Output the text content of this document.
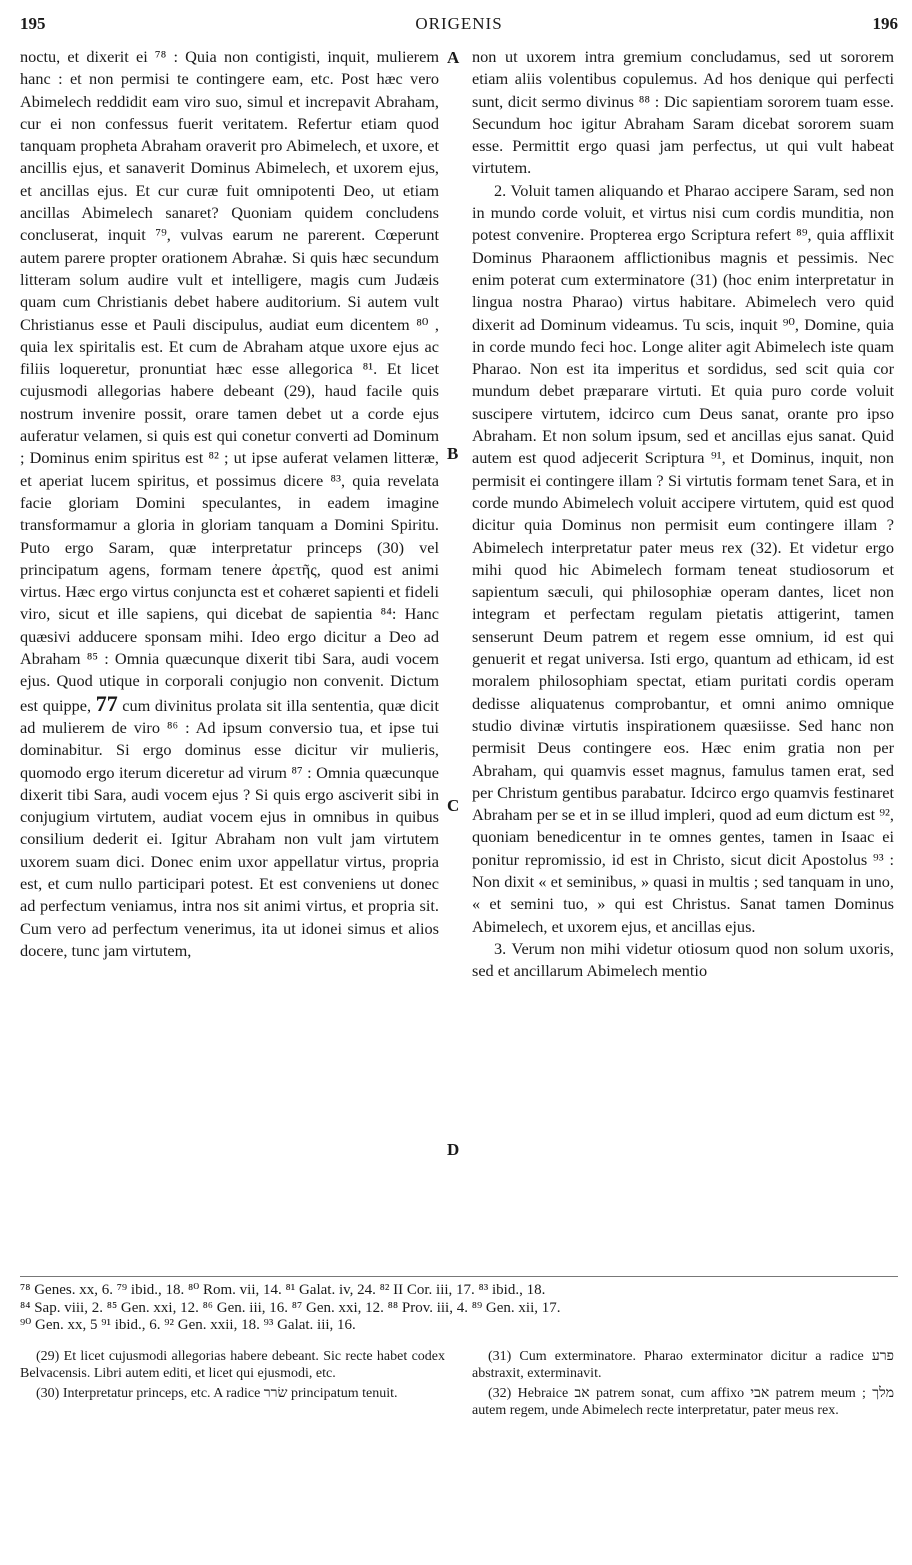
195	ORIGENIS	196

noctu, et dixerit ei ⁷⁸ : Quia non contigisti, inquit, mulierem hanc : et non permisi te contingere eam, etc. Post hæc vero Abimelech reddidit eam viro suo, simul et increpavit Abraham, cur ei non confessus fuerit veritatem. Refertur etiam quod tanquam propheta Abraham oraverit pro Abimelech, et uxore, et ancillis ejus, et sanaverit Dominus Abimelech, et uxorem ejus, et ancillas ejus. Et cur curæ fuit omnipotenti Deo, ut etiam ancillas Abimelech sanaret? Quoniam quidem concludens concluserat, inquit ⁷⁹, vulvas earum ne parerent. Cœperunt autem parere propter orationem Abrahæ. Si quis hæc secundum litteram solum audire vult et intelligere, magis cum Judæis quam cum Christianis debet habere auditorium. Si autem vult Christianus esse et Pauli discipulus, audiat eum dicentem ⁸⁰ , quia lex spiritalis est. Et cum de Abraham atque uxore ejus ac filiis loqueretur, pronuntiat hæc esse allegorica ⁸¹. Et licet cujusmodi allegorias habere debeant (29), haud facile quis nostrum invenire possit, orare tamen debet ut a corde ejus auferatur velamen, si quis est qui conetur converti ad Dominum ; Dominus enim spiritus est ⁸² ; ut ipse auferat velamen litteræ, et aperiat lucem spiritus, et possimus dicere ⁸³, quia revelata facie gloriam Domini speculantes, in eadem imagine transformamur a gloria in gloriam tanquam a Domini Spiritu. Puto ergo Saram, quæ interpretatur princeps (30) vel principatum agens, formam tenere ἀρετῆς, quod est animi virtus. Hæc ergo virtus conjuncta est et cohæret sapienti et fideli viro, sicut et ille sapiens, qui dicebat de sapientia ⁸⁴: Hanc quæsivi adducere sponsam mihi. Ideo ergo dicitur a Deo ad Abraham ⁸⁵ : Omnia quæcunque dixerit tibi Sara, audi vocem ejus. Quod utique in corporali conjugio non convenit. Dictum est quippe, 77 cum divinitus prolata sit illa sententia, quæ dicit ad mulierem de viro ⁸⁶ : Ad ipsum conversio tua, et ipse tui dominabitur. Si ergo dominus esse dicitur vir mulieris, quomodo ergo iterum diceretur ad virum ⁸⁷ : Omnia quæcunque dixerit tibi Sara, audi vocem ejus ? Si quis ergo asciverit sibi in conjugium virtutem, audiat vocem ejus in omnibus in quibus consilium dederit ei. Igitur Abraham non vult jam virtutem uxorem suam dici. Donec enim uxor appellatur virtus, propria est, et cum nullo participari potest. Et est conveniens ut donec ad perfectum veniamus, intra nos sit animi virtus, et propria sit. Cum vero ad perfectum venerimus, ita ut idonei simus et alios docere, tunc jam virtutem,

A
B
C
D

non ut uxorem intra gremium concludamus, sed ut sororem etiam aliis volentibus copulemus. Ad hos denique qui perfecti sunt, dicit sermo divinus ⁸⁸ : Dic sapientiam sororem tuam esse. Secundum hoc igitur Abraham Saram dicebat sororem suam esse. Permittit ergo quasi jam perfectus, ut qui vult habeat virtutem.

2. Voluit tamen aliquando et Pharao accipere Saram, sed non in mundo corde voluit, et virtus nisi cum cordis munditia, non potest convenire. Propterea ergo Scriptura refert ⁸⁹, quia afflixit Dominus Pharaonem afflictionibus magnis et pessimis. Nec enim poterat cum exterminatore (31) (hoc enim interpretatur in lingua nostra Pharao) virtus habitare. Abimelech vero quid dixerit ad Dominum videamus. Tu scis, inquit ⁹⁰, Domine, quia in corde mundo feci hoc. Longe aliter agit Abimelech iste quam Pharao. Non est ita imperitus et sordidus, sed scit quia cor mundum debet præparare virtuti. Et quia puro corde voluit suscipere virtutem, idcirco cum Deus sanat, orante pro ipso Abraham. Et non solum ipsum, sed et ancillas ejus sanat. Quid autem est quod adjecerit Scriptura ⁹¹, et Dominus, inquit, non permisit ei contingere illam ? Si virtutis formam tenet Sara, et in corde mundo Abimelech voluit accipere virtutem, quid est quod dicitur quia Dominus non permisit eum contingere illam ? Abimelech interpretatur pater meus rex (32). Et videtur ergo mihi quod hic Abimelech formam teneat studiosorum et sapientum sæculi, qui philosophiæ operam dantes, licet non integram et perfectam regulam pietatis attigerint, tamen senserunt Deum patrem et regem esse omnium, id est qui genuerit et regat universa. Isti ergo, quantum ad ethicam, id est moralem philosophiam spectat, etiam puritati cordis operam dedisse aliquatenus comprobantur, et omni animo omnique studio divinæ virtutis inspirationem quæsiisse. Sed hanc non permisit Deus contingere eos. Hæc enim gratia non per Abraham, qui quamvis esset magnus, famulus tamen erat, sed per Christum gentibus parabatur. Idcirco ergo quamvis festinaret Abraham per se et in se illud impleri, quod ad eum dictum est ⁹², quoniam benedicentur in te omnes gentes, tamen in Isaac ei ponitur repromissio, id est in Christo, sicut dicit Apostolus ⁹³ : Non dixit « et seminibus, » quasi in multis ; sed tanquam in uno, « et semini tuo, » qui est Christus. Sanat tamen Dominus Abimelech, et uxorem ejus, et ancillas ejus.

3. Verum non mihi videtur otiosum quod non solum uxoris, sed et ancillarum Abimelech mentio

⁷⁸ Genes. xx, 6. ⁷⁹ ibid., 18. ⁸⁰ Rom. vii, 14. ⁸¹ Galat. iv, 24. ⁸² II Cor. iii, 17. ⁸³ ibid., 18.
⁸⁴ Sap. viii, 2. ⁸⁵ Gen. xxi, 12. ⁸⁶ Gen. iii, 16. ⁸⁷ Gen. xxi, 12. ⁸⁸ Prov. iii, 4. ⁸⁹ Gen. xii, 17.
⁹⁰ Gen. xx, 5 ⁹¹ ibid., 6. ⁹² Gen. xxii, 18. ⁹³ Galat. iii, 16.

(29) Et licet cujusmodi allegorias habere debeant. Sic recte habet codex Belvacensis. Libri autem editi, et licet qui ejusmodi, etc.

(30) Interpretatur princeps, etc. A radice שׂרר principatum tenuit.

(31) Cum exterminatore. Pharao exterminator dicitur a radice פרע abstraxit, exterminavit.

(32) Hebraice אב patrem sonat, cum affixo אבי patrem meum ; מלך autem regem, unde Abimelech recte interpretatur, pater meus rex.
